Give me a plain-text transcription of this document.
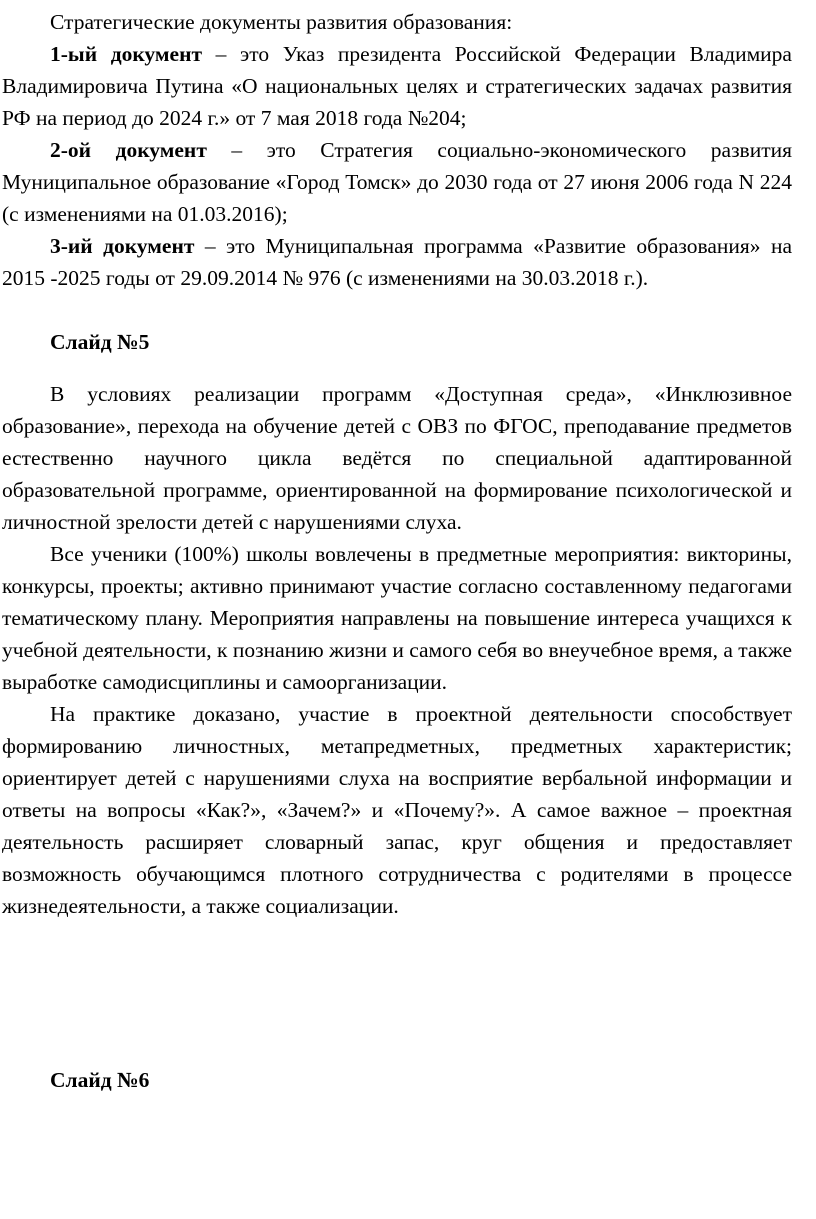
Стратегические документы развития образования:

1-ый документ – это Указ президента Российской Федерации Владимира Владимировича Путина «О национальных целях и стратегических задачах развития РФ на период до 2024 г.» от 7 мая 2018 года №204;

2-ой документ – это Стратегия социально-экономического развития Муниципальное образование «Город Томск» до 2030 года от 27 июня 2006 года N 224 (с изменениями на 01.03.2016);

3-ий документ – это Муниципальная программа «Развитие образования» на 2015 -2025 годы от 29.09.2014 № 976 (с изменениями на 30.03.2018 г.).

Слайд №5

В условиях реализации программ «Доступная среда», «Инклюзивное образование», перехода на обучение детей с ОВЗ по ФГОС, преподавание предметов естественно научного цикла ведётся по специальной адаптированной образовательной программе, ориентированной на формирование психологической и личностной зрелости детей с нарушениями слуха.

Все ученики (100%) школы вовлечены в предметные мероприятия: викторины, конкурсы, проекты; активно принимают участие согласно составленному педагогами тематическому плану. Мероприятия направлены на повышение интереса учащихся к учебной деятельности, к познанию жизни и самого себя во внеучебное время, а также выработке самодисциплины и самоорганизации.

На практике доказано, участие в проектной деятельности способствует формированию личностных, метапредметных, предметных характеристик; ориентирует детей с нарушениями слуха на восприятие вербальной информации и ответы на вопросы «Как?», «Зачем?» и «Почему?». А самое важное – проектная деятельность расширяет словарный запас, круг общения и предоставляет возможность обучающимся плотного сотрудничества с родителями в процессе жизнедеятельности, а также социализации.

Слайд №6
